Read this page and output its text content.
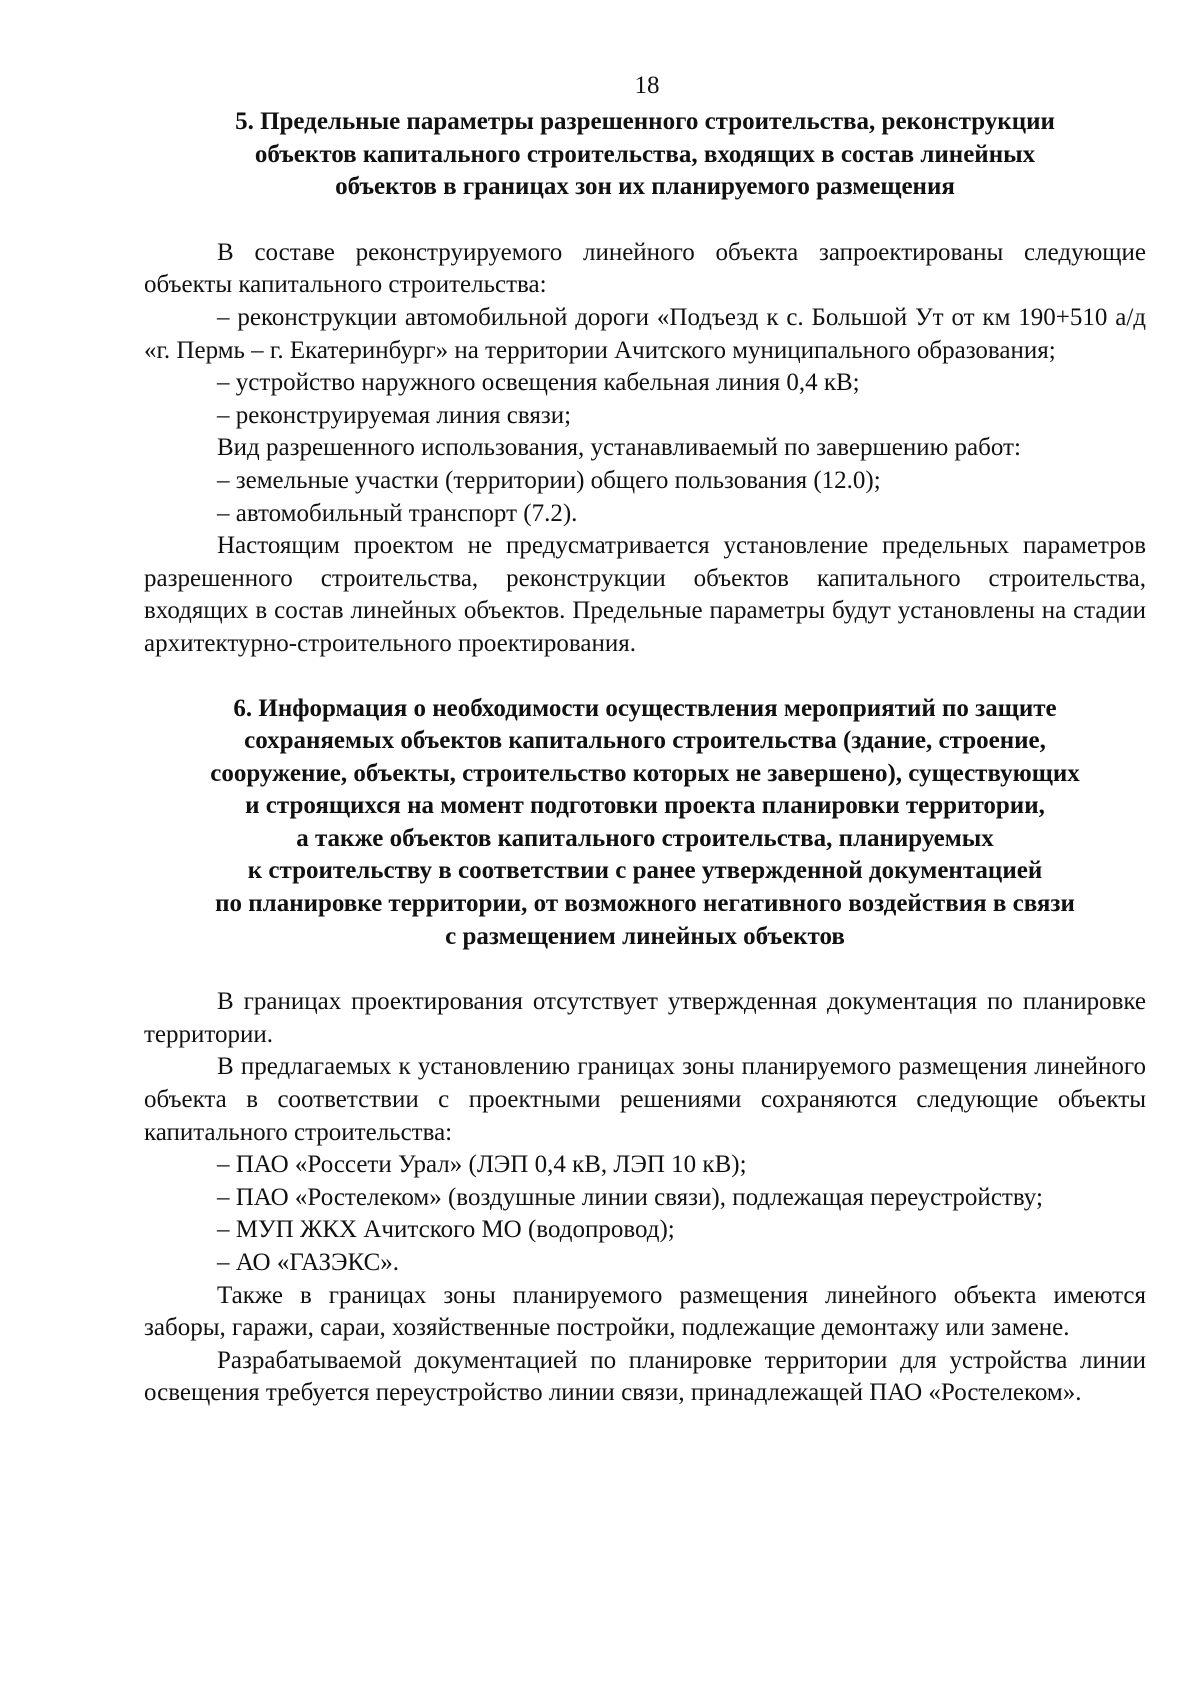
18
5. Предельные параметры разрешенного строительства, реконструкции
объектов капитального строительства, входящих в состав линейных
объектов в границах зон их планируемого размещения

В составе реконструируемого линейного объекта запроектированы следующие объекты капитального строительства:

– реконструкции автомобильной дороги «Подъезд к с. Большой Ут от км 190+510 а/д «г. Пермь – г. Екатеринбург» на территории Ачитского муниципального образования;

– устройство наружного освещения кабельная линия 0,4 кВ;

– реконструируемая линия связи;

Вид разрешенного использования, устанавливаемый по завершению работ:

– земельные участки (территории) общего пользования (12.0);

– автомобильный транспорт (7.2).

Настоящим проектом не предусматривается установление предельных параметров разрешенного строительства, реконструкции объектов капитального строительства, входящих в состав линейных объектов. Предельные параметры будут установлены на стадии архитектурно-строительного проектирования.

6. Информация о необходимости осуществления мероприятий по защите
сохраняемых объектов капитального строительства (здание, строение,
сооружение, объекты, строительство которых не завершено), существующих
и строящихся на момент подготовки проекта планировки территории,
а также объектов капитального строительства, планируемых
к строительству в соответствии с ранее утвержденной документацией
по планировке территории, от возможного негативного воздействия в связи
с размещением линейных объектов

В границах проектирования отсутствует утвержденная документация по планировке территории.

В предлагаемых к установлению границах зоны планируемого размещения линейного объекта в соответствии с проектными решениями сохраняются следующие объекты капитального строительства:

– ПАО «Россети Урал» (ЛЭП 0,4 кВ, ЛЭП 10 кВ);

– ПАО «Ростелеком» (воздушные линии связи), подлежащая переустройству;

– МУП ЖКХ Ачитского МО (водопровод);

– АО «ГАЗЭКС».

Также в границах зоны планируемого размещения линейного объекта имеются заборы, гаражи, сараи, хозяйственные постройки, подлежащие демонтажу или замене.

Разрабатываемой документацией по планировке территории для устройства линии освещения требуется переустройство линии связи, принадлежащей ПАО «Ростелеком».
